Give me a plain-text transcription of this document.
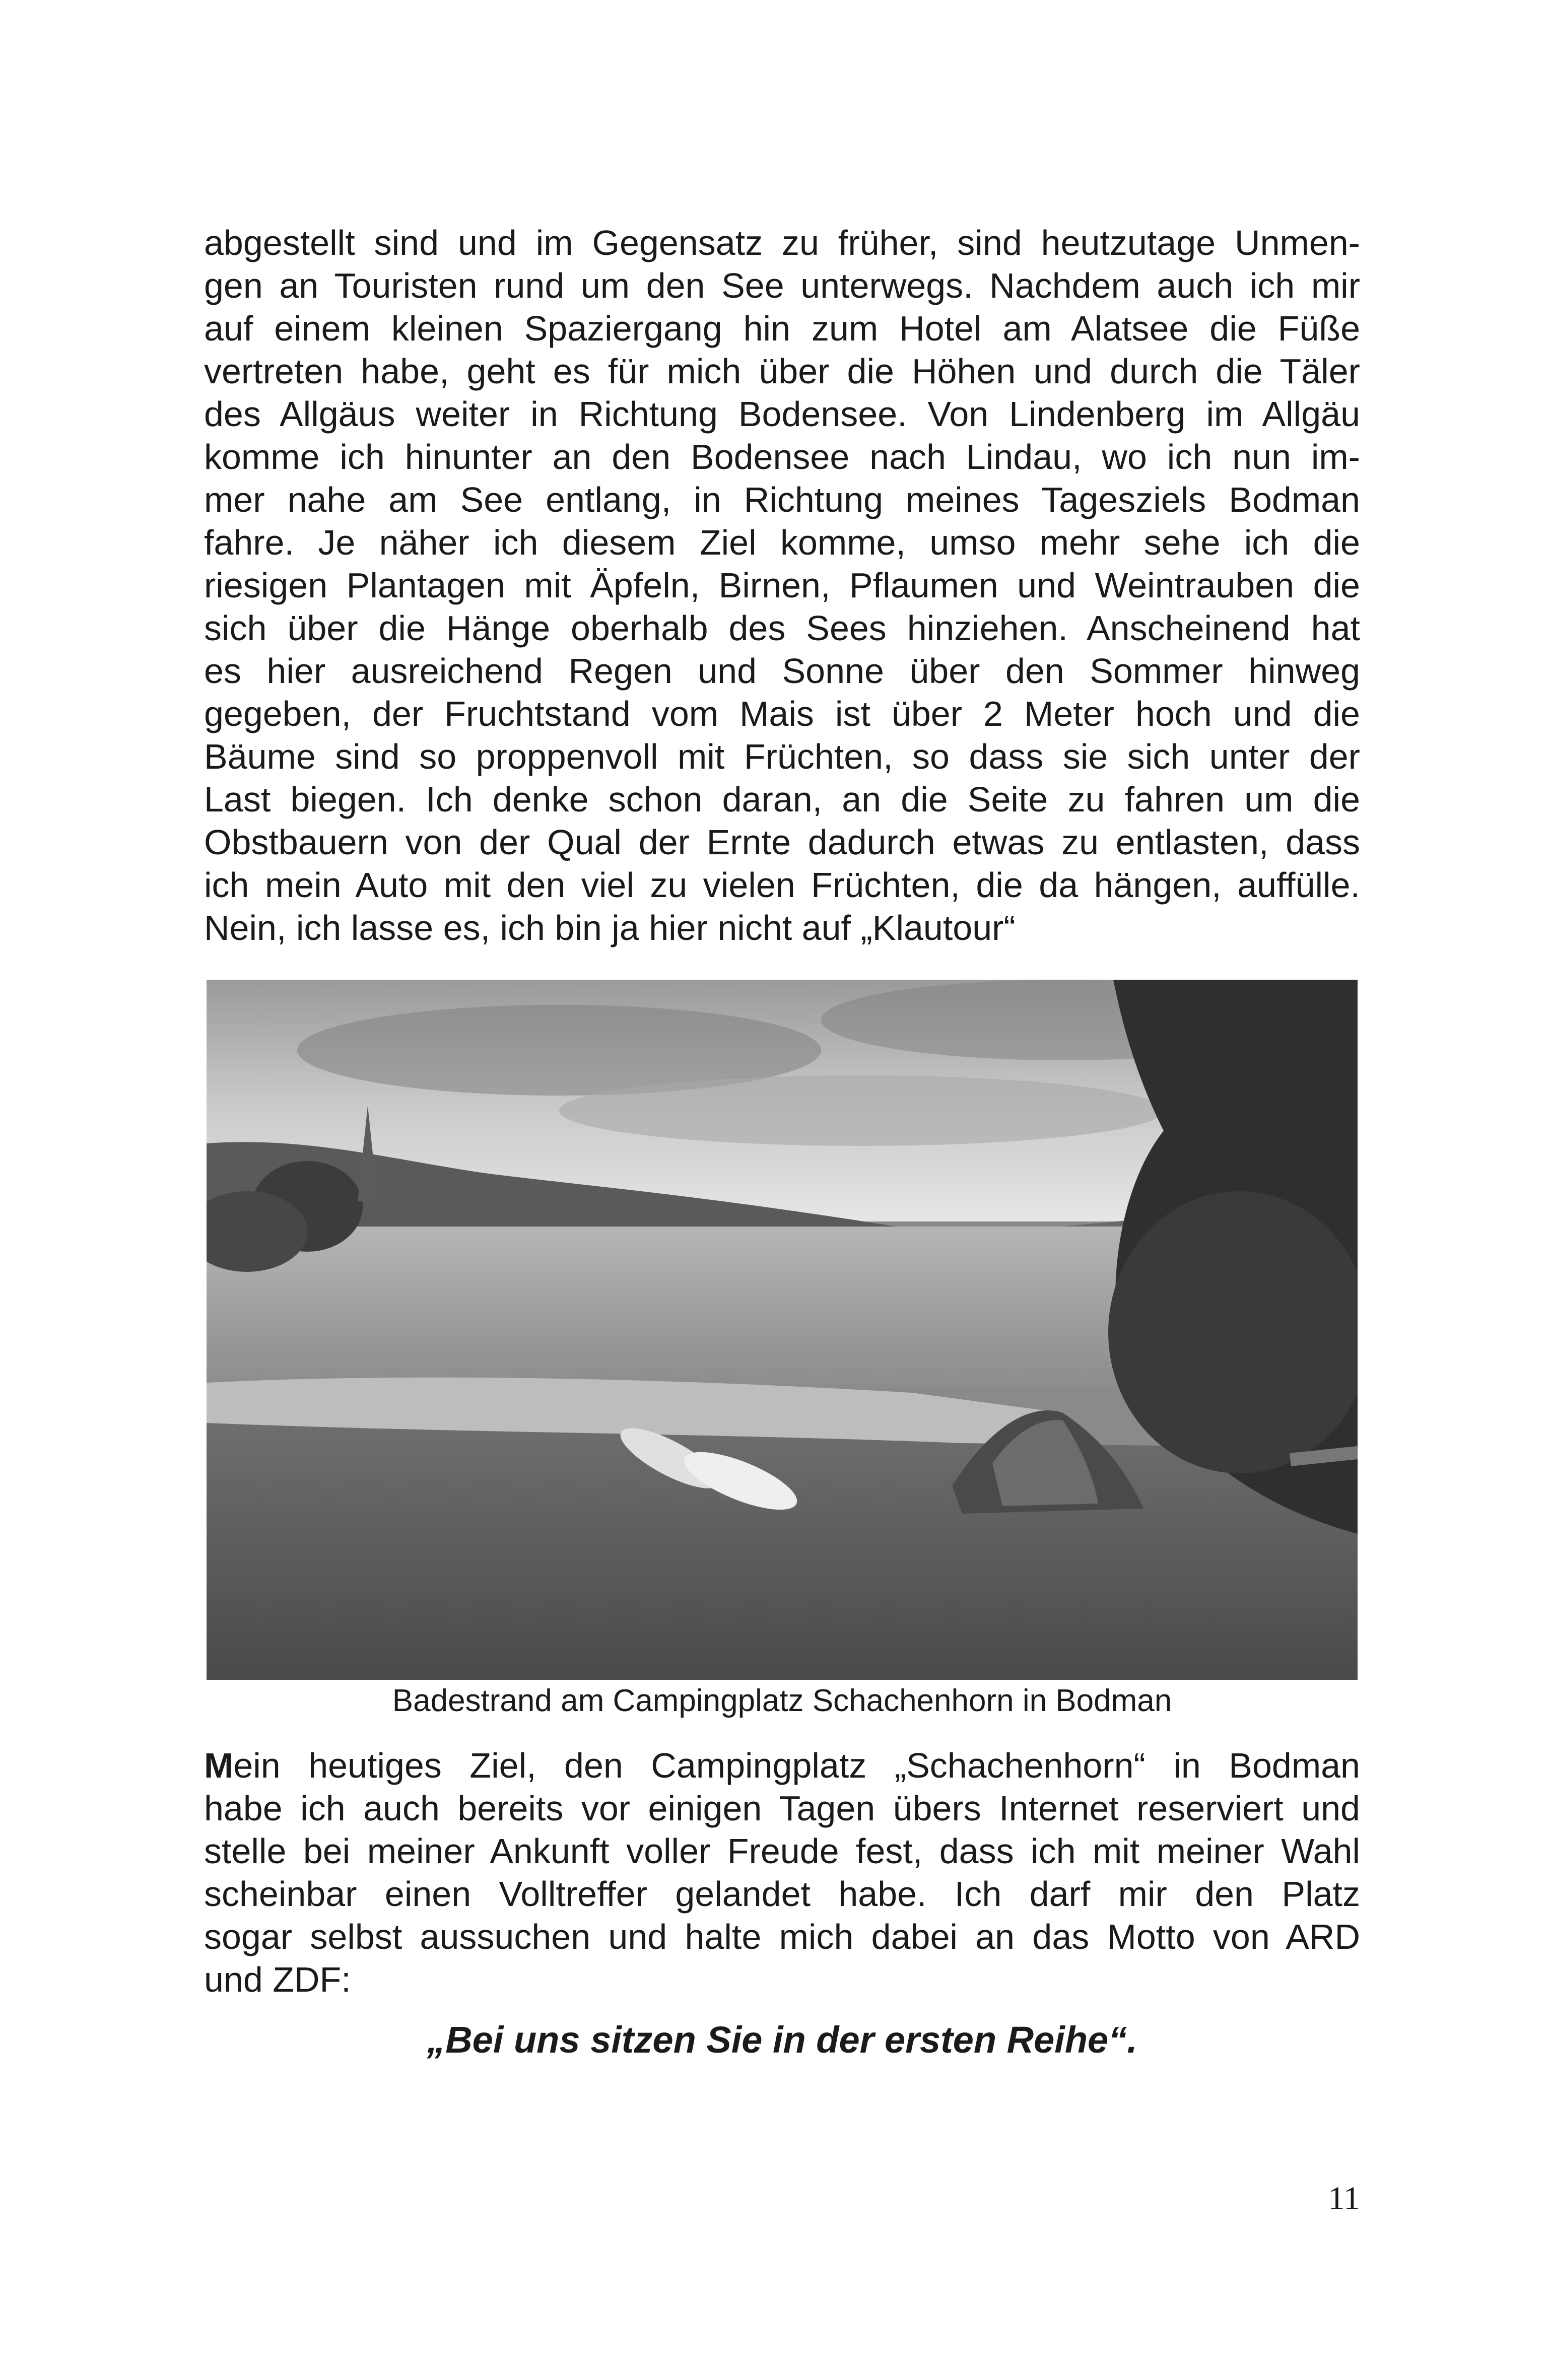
abgestellt sind und im Gegensatz zu früher, sind heutzutage Unmen-
gen an Touristen rund um den See unterwegs. Nachdem auch ich mir
auf einem kleinen Spaziergang hin zum Hotel am Alatsee die Füße
vertreten habe, geht es für mich über die Höhen und durch die Täler
des Allgäus weiter in Richtung Bodensee. Von Lindenberg im Allgäu
komme ich hinunter an den Bodensee nach Lindau, wo ich nun im-
mer nahe am See entlang, in Richtung meines Tagesziels Bodman
fahre. Je näher ich diesem Ziel komme, umso mehr sehe ich die
riesigen Plantagen mit Äpfeln, Birnen, Pflaumen und Weintrauben die
sich über die Hänge oberhalb des Sees hinziehen. Anscheinend hat
es hier ausreichend Regen und Sonne über den Sommer hinweg
gegeben, der Fruchtstand vom Mais ist über 2 Meter hoch und die
Bäume sind so proppenvoll mit Früchten, so dass sie sich unter der
Last biegen. Ich denke schon daran, an die Seite zu fahren um die
Obstbauern von der Qual der Ernte dadurch etwas zu entlasten, dass
ich mein Auto mit den viel zu vielen Früchten, die da hängen, auffülle.
Nein, ich lasse es, ich bin ja hier nicht auf „Klautour“
Badestrand am Campingplatz Schachenhorn in Bodman
Mein heutiges Ziel, den Campingplatz „Schachenhorn“ in Bodman
habe ich auch bereits vor einigen Tagen übers Internet reserviert und
stelle bei meiner Ankunft voller Freude fest, dass ich mit meiner Wahl
scheinbar einen Volltreffer gelandet habe. Ich darf mir den Platz
sogar selbst aussuchen und halte mich dabei an das Motto von ARD
und ZDF:
„Bei uns sitzen Sie in der ersten Reihe“.
11
